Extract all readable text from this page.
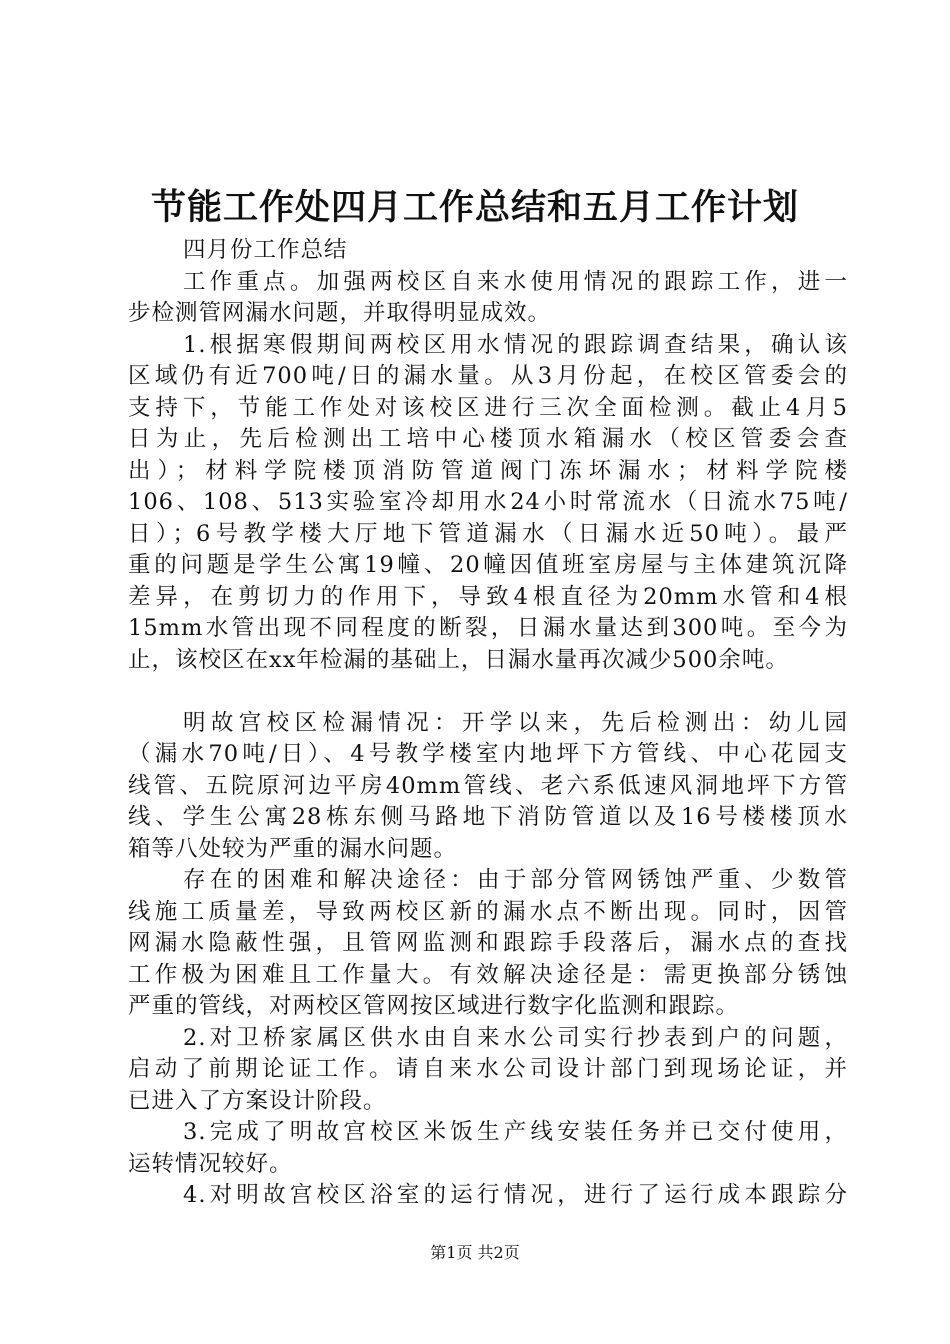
节能工作处四月工作总结和五月工作计划
四月份工作总结
工作重点。加强两校区自来水使用情况的跟踪工作，进一
步检测管网漏水问题，并取得明显成效。
1.根据寒假期间两校区用水情况的跟踪调查结果，确认该
区域仍有近700吨/日的漏水量。从3月份起，在校区管委会的
支持下，节能工作处对该校区进行三次全面检测。截止4月5
日为止，先后检测出工培中心楼顶水箱漏水（校区管委会查
出）；材料学院楼顶消防管道阀门冻坏漏水；材料学院楼
106、108、513实验室冷却用水24小时常流水（日流水75吨/
日）；6号教学楼大厅地下管道漏水（日漏水近50吨）。最严
重的问题是学生公寓19幢、20幢因值班室房屋与主体建筑沉降
差异，在剪切力的作用下，导致4根直径为20mm水管和4根
15mm水管出现不同程度的断裂，日漏水量达到300吨。至今为
止，该校区在xx年检漏的基础上，日漏水量再次减少500余吨。
明故宫校区检漏情况：开学以来，先后检测出：幼儿园
（漏水70吨/日）、4号教学楼室内地坪下方管线、中心花园支
线管、五院原河边平房40mm管线、老六系低速风洞地坪下方管
线、学生公寓28栋东侧马路地下消防管道以及16号楼楼顶水
箱等八处较为严重的漏水问题。
存在的困难和解决途径：由于部分管网锈蚀严重、少数管
线施工质量差，导致两校区新的漏水点不断出现。同时，因管
网漏水隐蔽性强，且管网监测和跟踪手段落后，漏水点的查找
工作极为困难且工作量大。有效解决途径是：需更换部分锈蚀
严重的管线，对两校区管网按区域进行数字化监测和跟踪。
2.对卫桥家属区供水由自来水公司实行抄表到户的问题，
启动了前期论证工作。请自来水公司设计部门到现场论证，并
已进入了方案设计阶段。
3.完成了明故宫校区米饭生产线安装任务并已交付使用，
运转情况较好。
4.对明故宫校区浴室的运行情况，进行了运行成本跟踪分
第1页 共2页
